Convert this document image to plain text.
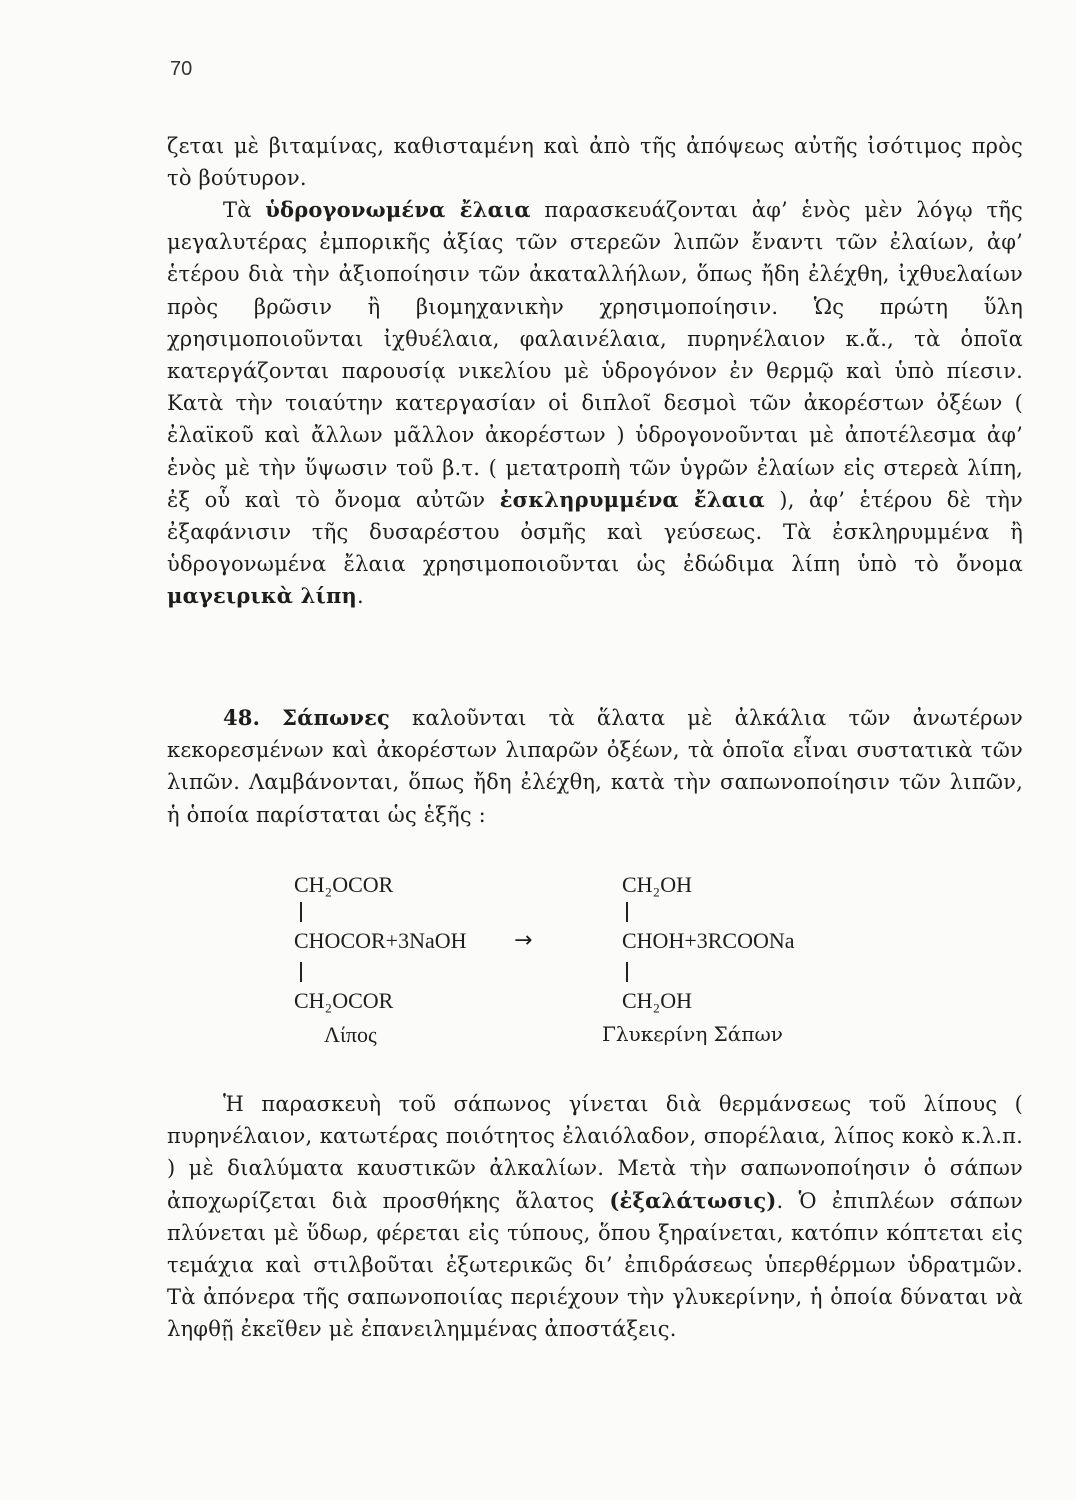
70

ζεται μὲ βιταμίνας, καθισταμένη καὶ ἀπὸ τῆς ἀπόψεως αὐτῆς ἰσότιμος πρὸς τὸ βούτυρον.

Τὰ ὑδρογονωμένα ἔλαια παρασκευάζονται ἀφ’ ἑνὸς μὲν λόγῳ τῆς μεγαλυτέρας ἐμπορικῆς ἀξίας τῶν στερεῶν λιπῶν ἔναντι τῶν ἐλαίων, ἀφ’ ἑτέρου διὰ τὴν ἀξιοποίησιν τῶν ἀκαταλλήλων, ὅπως ἤδη ἐλέχθη, ἰχθυελαίων πρὸς βρῶσιν ἢ βιομηχανικὴν χρησιμοποίησιν. Ὡς πρώτη ὕλη χρησιμοποιοῦνται ἰχθυέλαια, φαλαινέλαια, πυρηνέλαιον κ.ἄ., τὰ ὁποῖα κατεργάζονται παρουσίᾳ νικελίου μὲ ὑδρογόνον ἐν θερμῷ καὶ ὑπὸ πίεσιν. Κατὰ τὴν τοιαύτην κατεργασίαν οἱ διπλοῖ δεσμοὶ τῶν ἀκορέστων ὀξέων ( ἐλαϊκοῦ καὶ ἄλλων μᾶλλον ἀκορέστων ) ὑδρογονοῦνται μὲ ἀποτέλεσμα ἀφ’ ἑνὸς μὲ τὴν ὕψωσιν τοῦ β.τ. ( μετατροπὴ τῶν ὑγρῶν ἐλαίων εἰς στερεὰ λίπη, ἐξ οὗ καὶ τὸ ὄνομα αὐτῶν ἐσκληρυμμένα ἔλαια ), ἀφ’ ἑτέρου δὲ τὴν ἐξαφάνισιν τῆς δυσαρέστου ὀσμῆς καὶ γεύσεως. Τὰ ἐσκληρυμμένα ἢ ὑδρογονωμένα ἔλαια χρησιμοποιοῦνται ὡς ἐδώδιμα λίπη ὑπὸ τὸ ὄνομα μαγειρικὰ λίπη.

48. Σάπωνες καλοῦνται τὰ ἅλατα μὲ ἀλκάλια τῶν ἀνωτέρων κεκορεσμένων καὶ ἀκορέστων λιπαρῶν ὀξέων, τὰ ὁποῖα εἶναι συστατικὰ τῶν λιπῶν. Λαμβάνονται, ὅπως ἤδη ἐλέχθη, κατὰ τὴν σαπωνοποίησιν τῶν λιπῶν, ἡ ὁποία παρίσταται ὡς ἑξῆς :

CH₂OCOR
CHOCOR+3NaOH
CH₂OCOR
Λίπος
→
CH₂OH
CHOH+3RCOONa
CH₂OH
Γλυκερίνη Σάπων

Ἡ παρασκευὴ τοῦ σάπωνος γίνεται διὰ θερμάνσεως τοῦ λίπους ( πυρηνέλαιον, κατωτέρας ποιότητος ἐλαιόλαδον, σπορέλαια, λίπος κοκὸ κ.λ.π. ) μὲ διαλύματα καυστικῶν ἀλκαλίων. Μετὰ τὴν σαπωνοποίησιν ὁ σάπων ἀποχωρίζεται διὰ προσθήκης ἅλατος (ἐξαλάτωσις). Ὁ ἐπιπλέων σάπων πλύνεται μὲ ὕδωρ, φέρεται εἰς τύπους, ὅπου ξηραίνεται, κατόπιν κόπτεται εἰς τεμάχια καὶ στιλβοῦται ἐξωτερικῶς δι’ ἐπιδράσεως ὑπερθέρμων ὑδρατμῶν. Τὰ ἀπόνερα τῆς σαπωνοποιίας περιέχουν τὴν γλυκερίνην, ἡ ὁποία δύναται νὰ ληφθῇ ἐκεῖθεν μὲ ἐπανειλημμένας ἀποστάξεις.
